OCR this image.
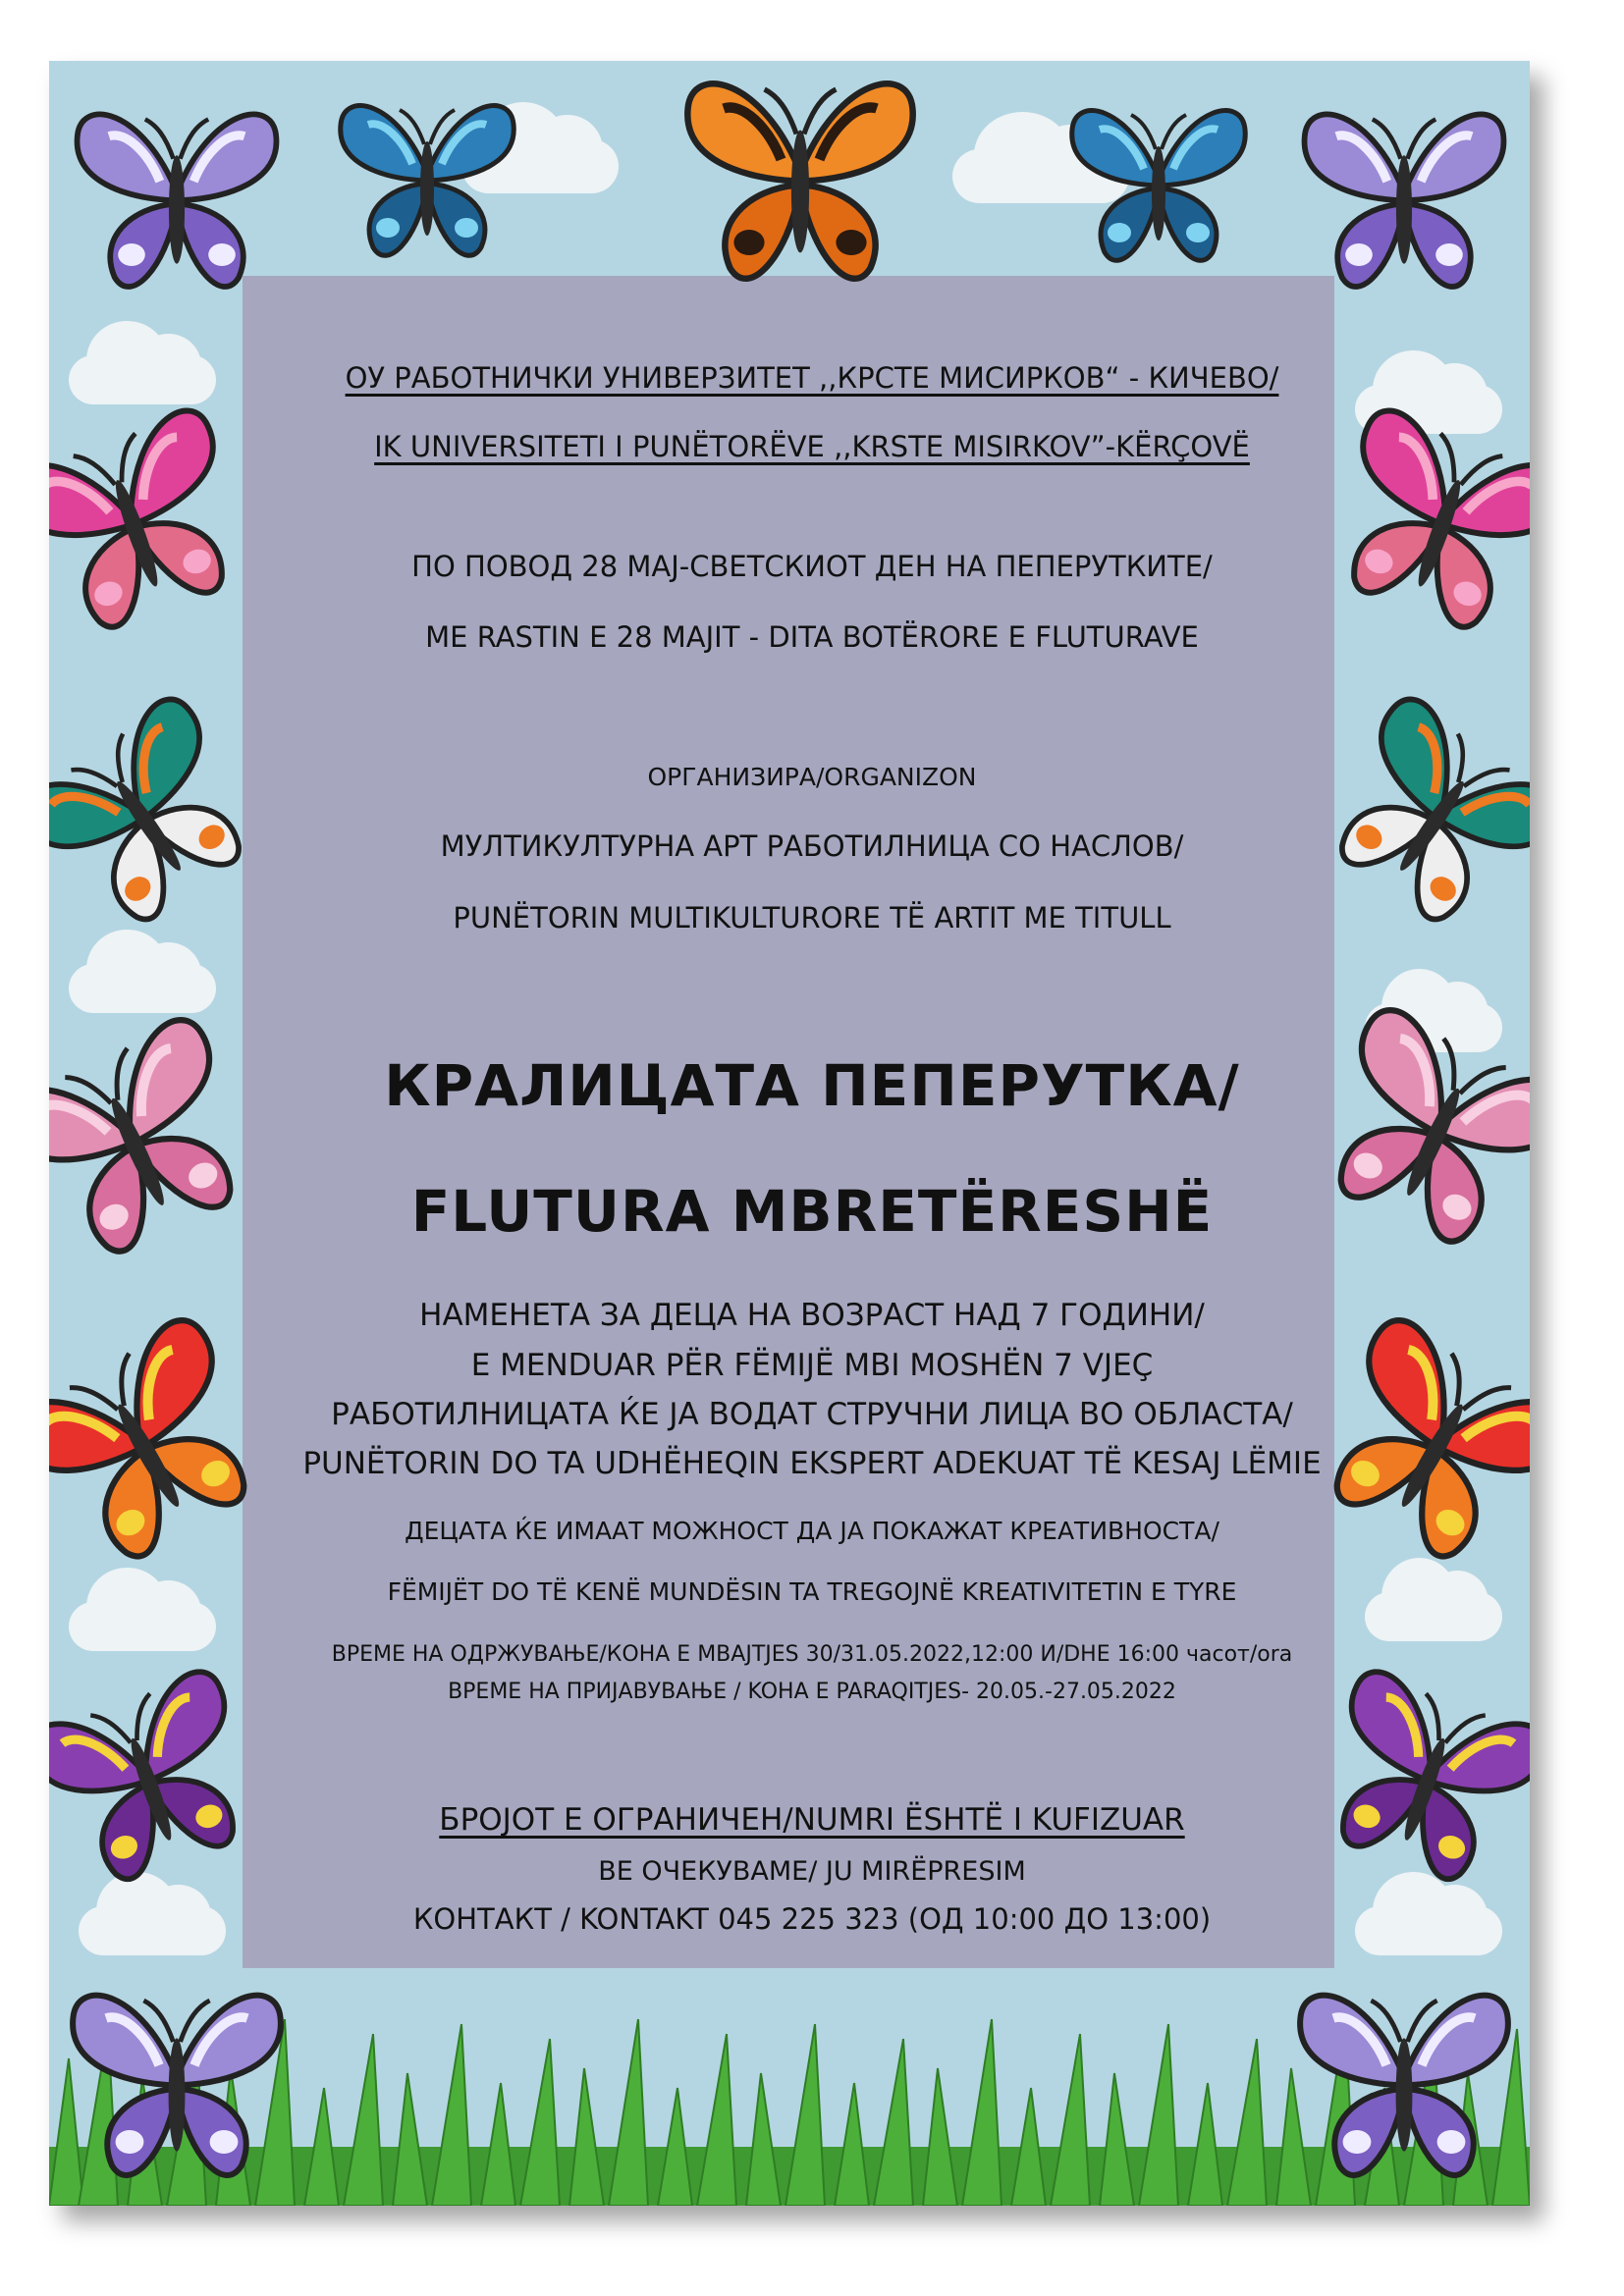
ОУ РАБОТНИЧКИ УНИВЕРЗИТЕТ ,,КРСТЕ МИСИРКОВ“ - КИЧЕВО/

IK UNIVERSITETI I PUNËTORËVE ,,KRSTE MISIRKOV”-KËRÇOVË

ПО ПОВОД 28 МАЈ-СВЕТСКИОТ ДЕН НА ПЕПЕРУТКИТЕ/

ME RASTIN E 28 MAJIT - DITA BOTËRORE E FLUTURAVE

ОРГАНИЗИРА/ORGANIZON

МУЛТИКУЛТУРНА АРТ РАБОТИЛНИЦА СО НАСЛОВ/

PUNËTORIN MULTIKULTURORE TË ARTIT ME TITULL

КРАЛИЦАТА ПЕПЕРУТКА/

FLUTURA MBRETËRESHË

НАМЕНЕТА ЗА ДЕЦА НА ВОЗРАСТ НАД 7 ГОДИНИ/

E MENDUAR PËR FËMIJË MBI MOSHËN 7 VJEÇ

РАБОТИЛНИЦАТА ЌЕ ЈА ВОДАТ СТРУЧНИ ЛИЦА ВО ОБЛАСТА/

PUNËTORIN DO TA UDHËHEQIN EKSPERT ADEKUAT TË KESAJ LËMIE

ДЕЦАТА ЌЕ ИМААТ МОЖНОСТ ДА ЈА ПОКАЖАТ КРЕАТИВНОСТА/

FËMIJËT DO TË KENË MUNDËSIN TA TREGOJNË KREATIVITETIN E TYRE

ВРЕМЕ НА ОДРЖУВАЊЕ/КОНА Е MBAJTJES 30/31.05.2022,12:00 И/DHE 16:00 часот/ora

ВРЕМЕ НА ПРИЈАВУВАЊЕ / KOHA E PARAQITJES- 20.05.-27.05.2022

БРОЈОТ Е ОГРАНИЧЕН/NUMRI ËSHTË I KUFIZUAR

ВЕ ОЧЕКУВАМЕ/ JU MIRËPRESIM

КОНТАКТ / KONTAKT 045 225 323 (ОД 10:00 ДО 13:00)
